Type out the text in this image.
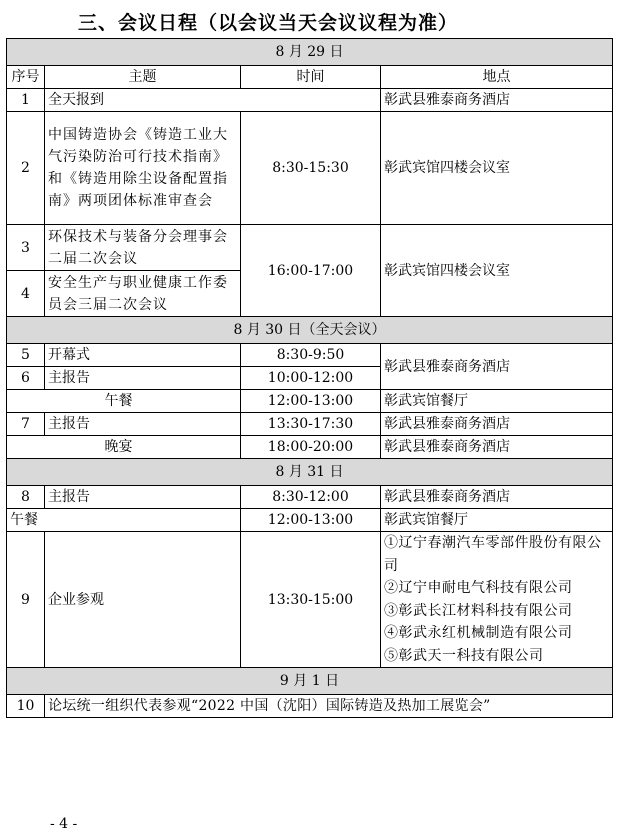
三、会议日程（以会议当天会议议程为准）
8 月 29 日			
序号	主题	时间	地点
1	全天报到		彰武县雅泰商务酒店
2	中国铸造协会《铸造工业大气污染防治可行技术指南》和《铸造用除尘设备配置指南》两项团体标准审查会	8:30-15:30	彰武宾馆四楼会议室
3	环保技术与装备分会理事会二届二次会议	16:00-17:00	彰武宾馆四楼会议室
4	安全生产与职业健康工作委员会三届二次会议		
8 月 30 日（全天会议）			
5	开幕式	8:30-9:50	彰武县雅泰商务酒店
6	主报告	10:00-12:00	
	午餐	12:00-13:00	彰武宾馆餐厅
7	主报告	13:30-17:30	彰武县雅泰商务酒店
	晚宴	18:00-20:00	彰武县雅泰商务酒店
8 月 31 日			
8	主报告	8:30-12:00	彰武县雅泰商务酒店
午餐		12:00-13:00	彰武宾馆餐厅
9	企业参观	13:30-15:00	①辽宁春潮汽车零部件股份有限公司
②辽宁申耐电气科技有限公司
③彰武长江材料科技有限公司
④彰武永红机械制造有限公司
⑤彰武天一科技有限公司

9 月 1 日			
10	论坛统一组织代表参观“2022 中国（沈阳）国际铸造及热加工展览会”		
- 4 -
